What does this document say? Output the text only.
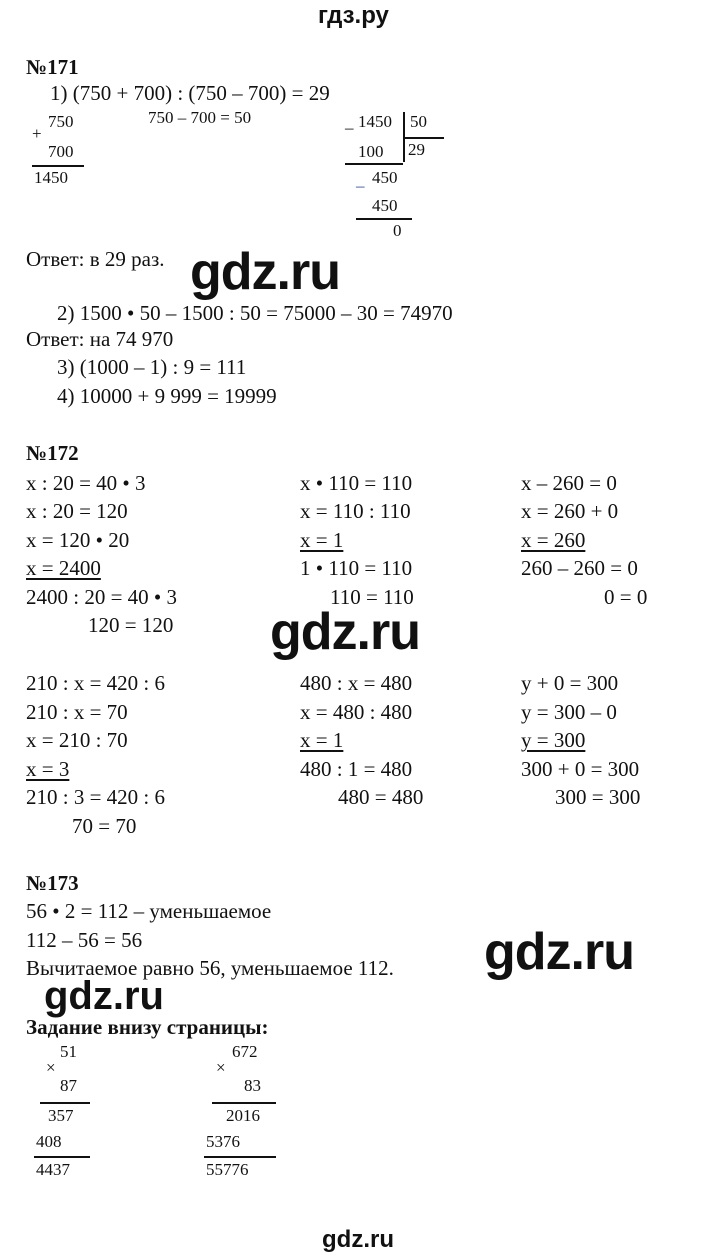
гдз.ру
№171
1) (750 + 700) : (750 – 700) = 29
750 – 700 = 50
+
750
700
1450
– 1450 50
29
100
450
–
450
0
Ответ: в 29 раз. gdz.ru
2) 1500 • 50 – 1500 : 50 = 75000 – 30 = 74970
Ответ: на 74 970
3) (1000 – 1) : 9 = 111
4) 10000 + 9 999 = 19999
№172
x : 20 = 40 • 3
x : 20 = 120
x = 120 • 20
x = 2400
2400 : 20 = 40 • 3
120 = 120
x • 110 = 110
x = 110 : 110
x = 1
1 • 110 = 110
110 = 110
x – 260 = 0
x = 260 + 0
x = 260
260 – 260 = 0
0 = 0
gdz.ru
210 : x = 420 : 6
210 : x = 70
x = 210 : 70
x = 3
210 : 3 = 420 : 6
70 = 70
480 : x = 480
x = 480 : 480
x = 1
480 : 1 = 480
480 = 480
y + 0 = 300
y = 300 – 0
y = 300
300 + 0 = 300
300 = 300
№173
56 • 2 = 112 – уменьшаемое
112 – 56 = 56
Вычитаемое равно 56, уменьшаемое 112. gdz.ru
gdz.ru
Задание внизу страницы:
×
51
87
357
408
4437
×
672
83
2016
5376
55776
gdz.ru
